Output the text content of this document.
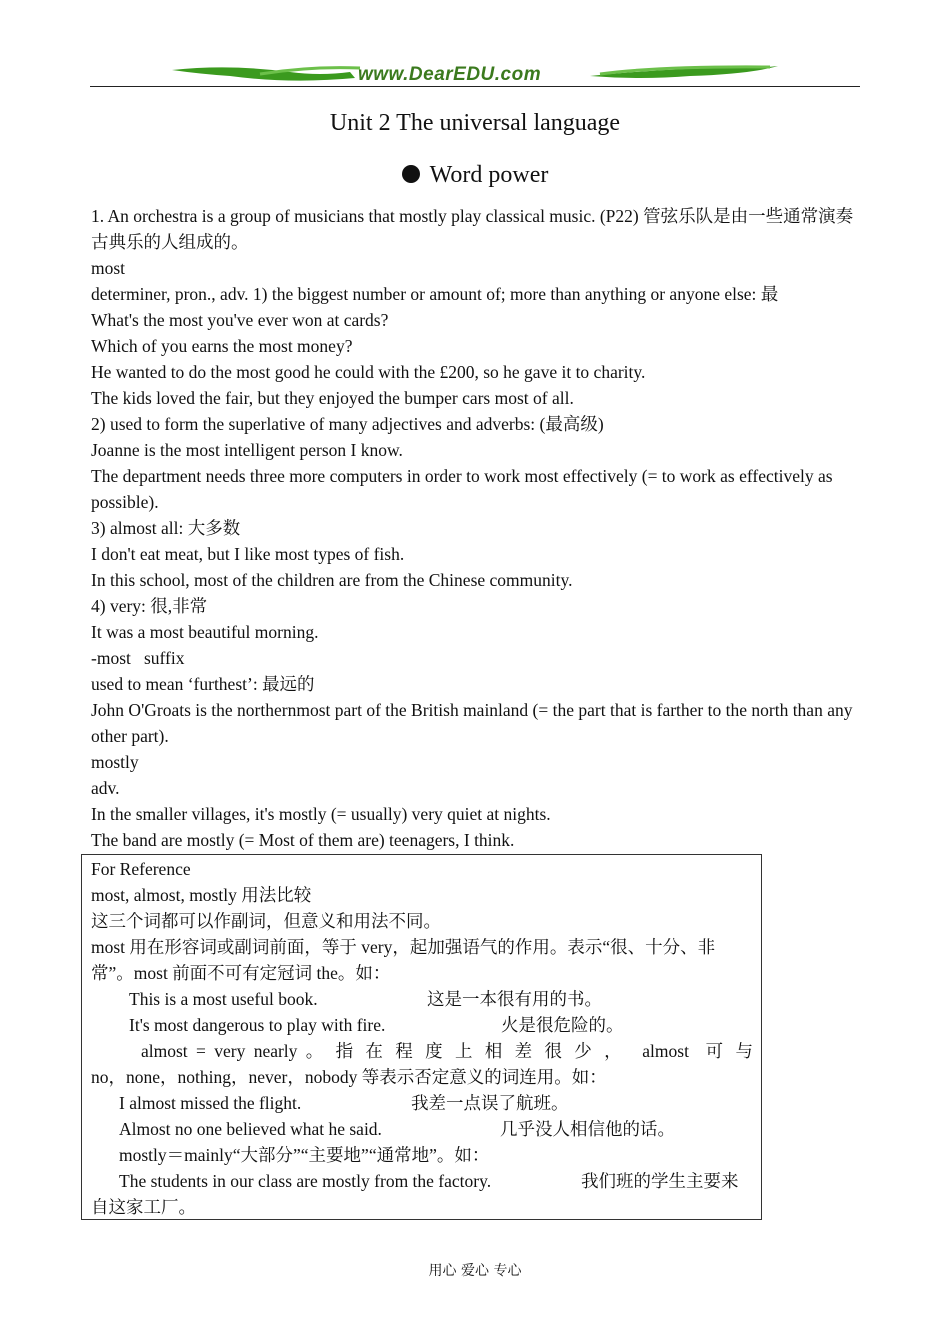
www.DearEDU.com
Unit 2 The universal language
Word power

1. An orchestra is a group of musicians that mostly play classical music. (P22) 管弦乐队是由一些通常演奏古典乐的人组成的。

most

determiner, pron., adv. 1) the biggest number or amount of; more than anything or anyone else: 最

What's the most you've ever won at cards?

Which of you earns the most money?

He wanted to do the most good he could with the £200, so he gave it to charity.

The kids loved the fair, but they enjoyed the bumper cars most of all.

2) used to form the superlative of many adjectives and adverbs: (最高级)

Joanne is the most intelligent person I know.

The department needs three more computers in order to work most effectively (= to work as effectively as possible).

3) almost all: 大多数

I don't eat meat, but I like most types of fish.

In this school, most of the children are from the Chinese community.

4) very: 很,非常

It was a most beautiful morning.

-most   suffix

used to mean ‘furthest’: 最远的

John O'Groats is the northernmost part of the British mainland (= the part that is farther to the north than any other part).

mostly

adv.

In the smaller villages, it's mostly (= usually) very quiet at nights.

The band are mostly (= Most of them are) teenagers, I think.

For Reference

most, almost, mostly 用法比较

这三个词都可以作副词，但意义和用法不同。

most 用在形容词或副词前面，等于 very，起加强语气的作用。表示“很、十分、非常”。most 前面不可有定冠词 the。如：

This is a most useful book.	这是一本很有用的书。
It's most dangerous to play with fire.	火是很危险的。

almost = very nearly 。 指 在 程 度 上 相 差 很 少 ，  almost  可 与

no，none，nothing，never，nobody 等表示否定意义的词连用。如：

I almost missed the flight.	我差一点误了航班。
Almost no one believed what he said.	几乎没人相信他的话。

mostly＝mainly“大部分”“主要地”“通常地”。如：

The students in our class are mostly from the factory.	我们班的学生主要来

自这家工厂。

用心 爱心 专心
